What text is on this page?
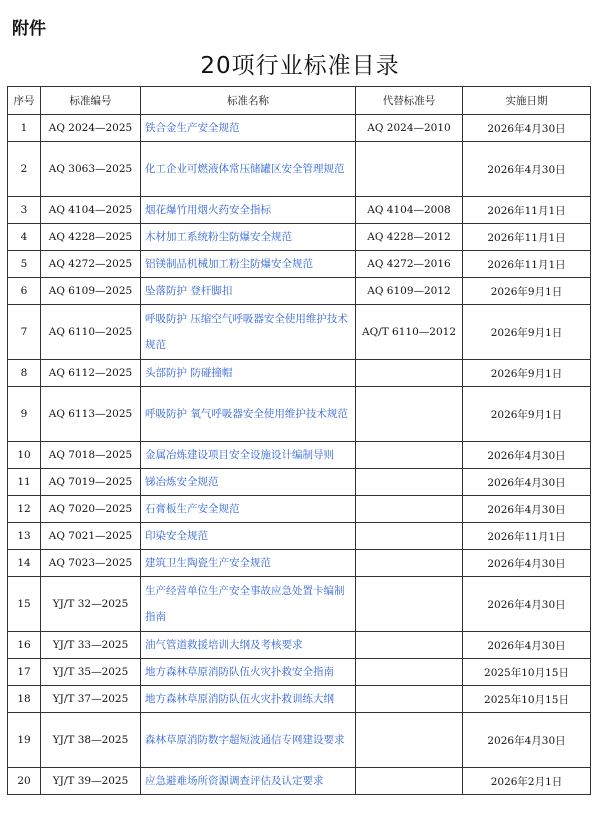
附件
20项行业标准目录
序号	标准编号	标准名称	代替标准号	实施日期
1	AQ 2024—2025	铁合金生产安全规范	AQ 2024—2010	2026年4月30日
2	AQ 3063—2025	化工企业可燃液体常压储罐区安全管理规范		2026年4月30日
3	AQ 4104—2025	烟花爆竹用烟火药安全指标	AQ 4104—2008	2026年11月1日
4	AQ 4228—2025	木材加工系统粉尘防爆安全规范	AQ 4228—2012	2026年11月1日
5	AQ 4272—2025	铝镁制品机械加工粉尘防爆安全规范	AQ 4272—2016	2026年11月1日
6	AQ 6109—2025	坠落防护 登杆脚扣	AQ 6109—2012	2026年9月1日
7	AQ 6110—2025	呼吸防护 压缩空气呼吸器安全使用维护技术规范	AQ/T 6110—2012	2026年9月1日
8	AQ 6112—2025	头部防护 防碰撞帽		2026年9月1日
9	AQ 6113—2025	呼吸防护 氧气呼吸器安全使用维护技术规范		2026年9月1日
10	AQ 7018—2025	金属冶炼建设项目安全设施设计编制导则		2026年4月30日
11	AQ 7019—2025	锑冶炼安全规范		2026年4月30日
12	AQ 7020—2025	石膏板生产安全规范		2026年4月30日
13	AQ 7021—2025	印染安全规范		2026年11月1日
14	AQ 7023—2025	建筑卫生陶瓷生产安全规范		2026年4月30日
15	YJ/T 32—2025	生产经营单位生产安全事故应急处置卡编制指南		2026年4月30日
16	YJ/T 33—2025	油气管道救援培训大纲及考核要求		2026年4月30日
17	YJ/T 35—2025	地方森林草原消防队伍火灾扑救安全指南		2025年10月15日
18	YJ/T 37—2025	地方森林草原消防队伍火灾扑救训练大纲		2025年10月15日
19	YJ/T 38—2025	森林草原消防数字超短波通信专网建设要求		2026年4月30日
20	YJ/T 39—2025	应急避难场所资源调查评估及认定要求		2026年2月1日
